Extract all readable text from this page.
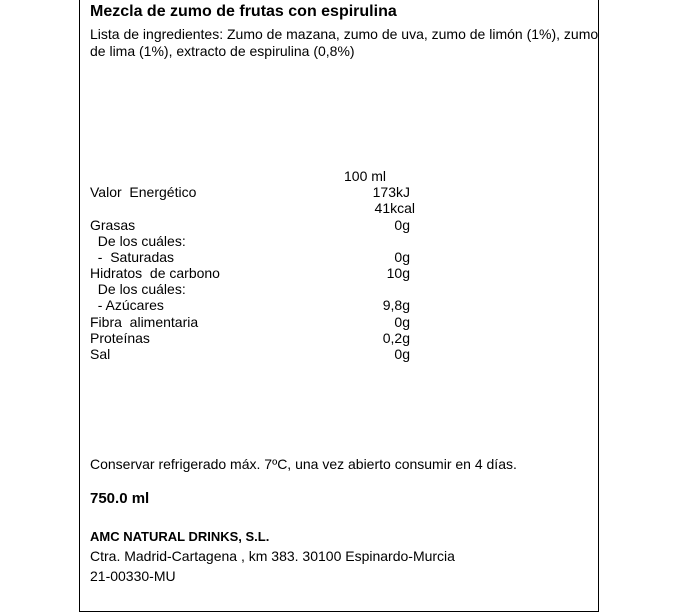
Mezcla de zumo de frutas con espirulina
Lista de ingredientes: Zumo de mazana, zumo de uva, zumo de limón (1%), zumo
de lima (1%), extracto de espirulina (0,8%)
100 ml
Valor  Energético	173kJ
41kcal
Grasas	0g
De los cuáles:
-  Saturadas	0g
Hidratos  de carbono	10g
De los cuáles:
- Azúcares	9,8g
Fibra  alimentaria	0g
Proteínas	0,2g
Sal	0g
Conservar refrigerado máx. 7ºC, una vez abierto consumir en 4 días.
750.0 ml
AMC NATURAL DRINKS, S.L.
Ctra. Madrid-Cartagena , km 383. 30100 Espinardo-Murcia
21-00330-MU
